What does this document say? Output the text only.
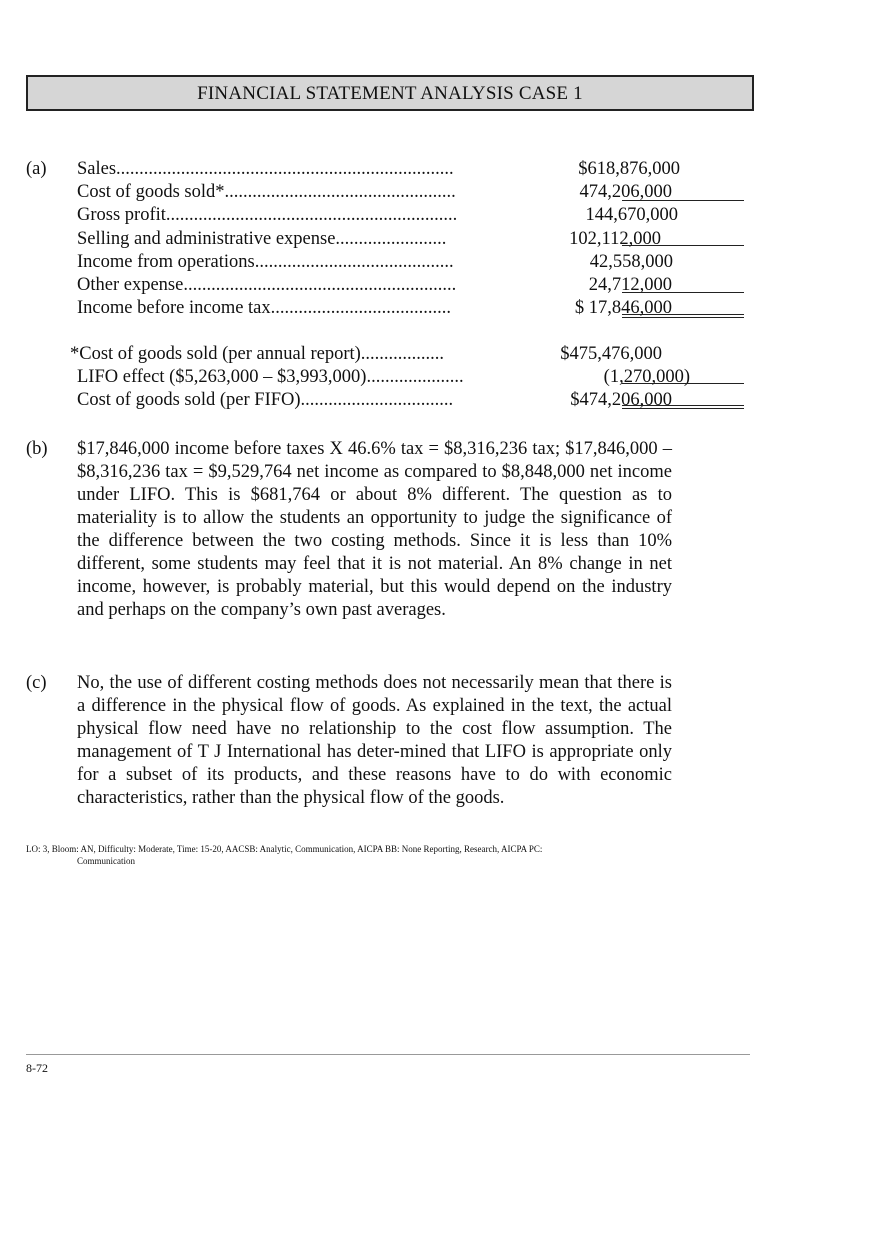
FINANCIAL STATEMENT ANALYSIS CASE 1
(a) Sales.........................................................................	$618,876,000
Cost of goods sold*..................................................	474,206,000
Gross profit...............................................................	144,670,000
Selling and administrative expense........................	102,112,000
Income from operations...........................................	42,558,000
Other expense...........................................................	24,712,000
Income before income tax.......................................	$ 17,846,000
*Cost of goods sold (per annual report)..................	$475,476,000
LIFO effect ($5,263,000 – $3,993,000).....................	(1,270,000)
Cost of goods sold (per FIFO).................................	$474,206,000
(b) $17,846,000 income before taxes X 46.6% tax = $8,316,236 tax; $17,846,000 – $8,316,236 tax = $9,529,764 net income as compared to $8,848,000 net income under LIFO. This is $681,764 or about 8% different. The question as to materiality is to allow the students an opportunity to judge the significance of the difference between the two costing methods. Since it is less than 10% different, some students may feel that it is not material. An 8% change in net income, however, is probably material, but this would depend on the industry and perhaps on the company’s own past averages.
(c) No, the use of different costing methods does not necessarily mean that there is a difference in the physical flow of goods. As explained in the text, the actual physical flow need have no relationship to the cost flow assumption. The management of T J International has deter-mined that LIFO is appropriate only for a subset of its products, and these reasons have to do with economic characteristics, rather than the physical flow of the goods.
LO: 3, Bloom: AN, Difficulty: Moderate, Time: 15-20, AACSB: Analytic, Communication, AICPA BB: None Reporting, Research, AICPA PC:
Communication
8-72
